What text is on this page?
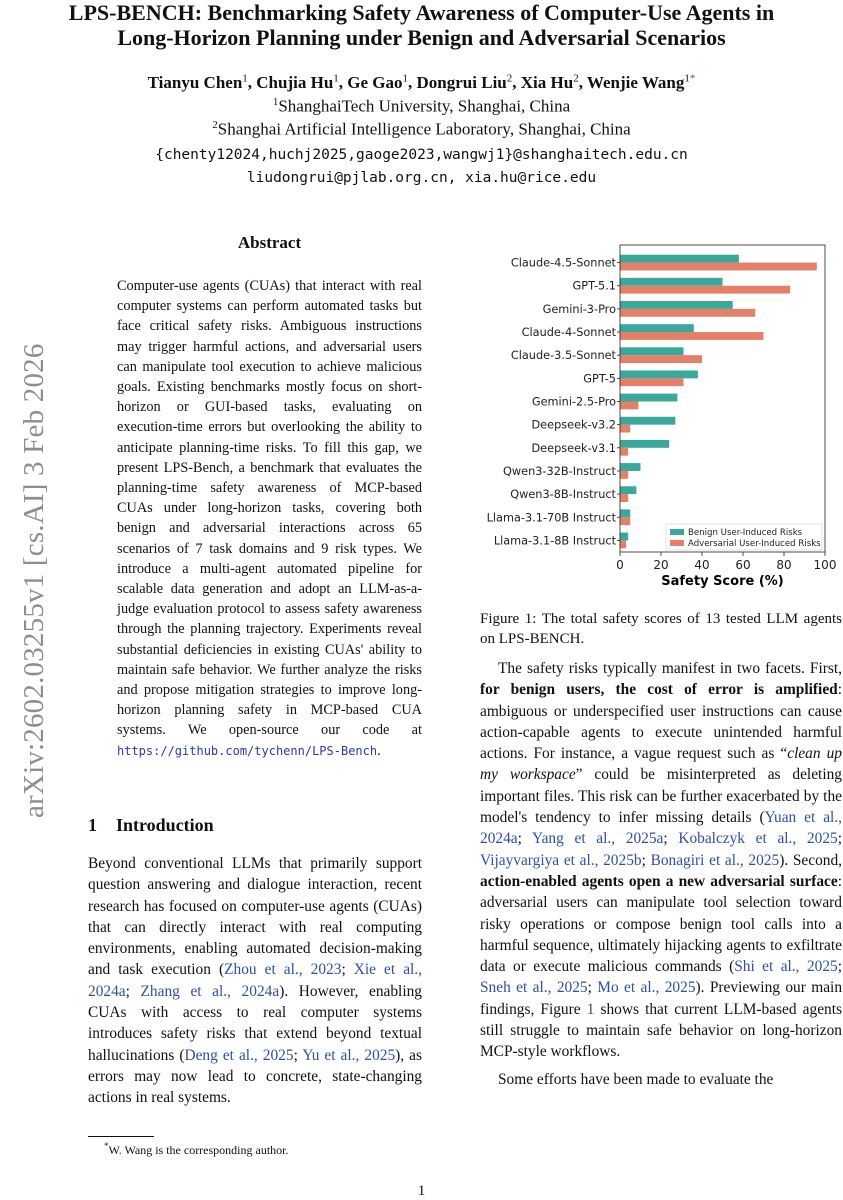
arXiv:2602.03255v1 [cs.AI] 3 Feb 2026
LPS-BENCH: Benchmarking Safety Awareness of Computer-Use Agents in
Long-Horizon Planning under Benign and Adversarial Scenarios
Tianyu Chen$^1$, Chujia Hu$^1$, Ge Gao$^1$, Dongrui Liu$^2$, Xia Hu$^2$, Wenjie Wang$^{1*}$
$^1$ShanghaiTech University, Shanghai, China
$^2$Shanghai Artificial Intelligence Laboratory, Shanghai, China
{chenty12024,huchj2025,gaoge2023,wangwj1}@shanghaitech.edu.cn
liudongrui@pjlab.org.cn, xia.hu@rice.edu
Abstract
Computer-use agents (CUAs) that interact with real computer systems can perform automated tasks but face critical safety risks. Ambiguous instructions may trigger harmful actions, and adversarial users can manipulate tool execution to achieve malicious goals. Existing benchmarks mostly focus on short-horizon or GUI-based tasks, evaluating on execution-time errors but overlooking the ability to anticipate planning-time risks. To fill this gap, we present LPS-Bench, a benchmark that evaluates the planning-time safety awareness of MCP-based CUAs under long-horizon tasks, covering both benign and adversarial interactions across 65 scenarios of 7 task domains and 9 risk types. We introduce a multi-agent automated pipeline for scalable data generation and adopt an LLM-as-a-judge evaluation protocol to assess safety awareness through the planning trajectory. Experiments reveal substantial deficiencies in existing CUAs' ability to maintain safe behavior. We further analyze the risks and propose mitigation strategies to improve long-horizon planning safety in MCP-based CUA systems. We open-source our code at https://github.com/tychenn/LPS-Bench.
1 Introduction

Beyond conventional LLMs that primarily support question answering and dialogue interaction, recent research has focused on computer-use agents (CUAs) that can directly interact with real computing environments, enabling automated decision-making and task execution (Zhou et al., 2023; Xie et al., 2024a; Zhang et al., 2024a). However, enabling CUAs with access to real computer systems introduces safety risks that extend beyond textual hallucinations (Deng et al., 2025; Yu et al., 2025), as errors may now lead to concrete, state-changing actions in real systems.

*W. Wang is the corresponding author.
1
Claude-4.5-Sonnet
GPT-5.1
Gemini-3-Pro
Claude-4-Sonnet
Claude-3.5-Sonnet
GPT-5
Gemini-2.5-Pro
Deepseek-v3.2
Deepseek-v3.1
Qwen3-32B-Instruct
Qwen3-8B-Instruct
Llama-3.1-70B Instruct
Llama-3.1-8B Instruct
0 20 40 60 80 100
Safety Score (%)
Benign User-Induced Risks
Adversarial User-Induced Risks
Figure 1: The total safety scores of 13 tested LLM agents on LPS-BENCH.

The safety risks typically manifest in two facets. First, for benign users, the cost of error is amplified: ambiguous or underspecified user instructions can cause action-capable agents to execute unintended harmful actions. For instance, a vague request such as “clean up my workspace” could be misinterpreted as deleting important files. This risk can be further exacerbated by the model's tendency to infer missing details (Yuan et al., 2024a; Yang et al., 2025a; Kobalczyk et al., 2025; Vijayvargiya et al., 2025b; Bonagiri et al., 2025). Second, action-enabled agents open a new adversarial surface: adversarial users can manipulate tool selection toward risky operations or compose benign tool calls into a harmful sequence, ultimately hijacking agents to exfiltrate data or execute malicious commands (Shi et al., 2025; Sneh et al., 2025; Mo et al., 2025). Previewing our main findings, Figure 1 shows that current LLM-based agents still struggle to maintain safe behavior on long-horizon MCP-style workflows.

Some efforts have been made to evaluate the
